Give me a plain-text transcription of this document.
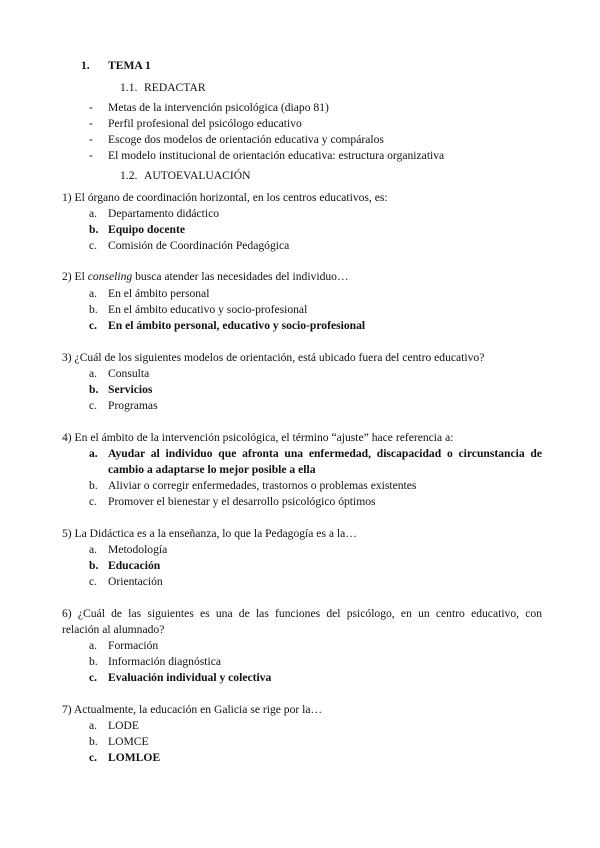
1. TEMA 1
1.1. REDACTAR
- Metas de la intervención psicológica (diapo 81)
- Perfil profesional del psicólogo educativo
- Escoge dos modelos de orientación educativa y compáralos
- El modelo institucional de orientación educativa: estructura organizativa
1.2. AUTOEVALUACIÓN
1) El órgano de coordinación horizontal, en los centros educativos, es:
a. Departamento didáctico
b. Equipo docente
c. Comisión de Coordinación Pedagógica
2) El conseling busca atender las necesidades del individuo…
a. En el ámbito personal
b. En el ámbito educativo y socio-profesional
c. En el ámbito personal, educativo y socio-profesional
3) ¿Cuál de los siguientes modelos de orientación, está ubicado fuera del centro educativo?
a. Consulta
b. Servicios
c. Programas
4) En el ámbito de la intervención psicológica, el término “ajuste” hace referencia a:
a. Ayudar al individuo que afronta una enfermedad, discapacidad o circunstancia de
cambio a adaptarse lo mejor posible a ella
b. Aliviar o corregir enfermedades, trastornos o problemas existentes
c. Promover el bienestar y el desarrollo psicológico óptimos
5) La Didáctica es a la enseñanza, lo que la Pedagogía es a la…
a. Metodología
b. Educación
c. Orientación
6) ¿Cuál de las siguientes es una de las funciones del psicólogo, en un centro educativo, con
relación al alumnado?
a. Formación
b. Información diagnóstica
c. Evaluación individual y colectiva
7) Actualmente, la educación en Galicia se rige por la…
a. LODE
b. LOMCE
c. LOMLOE
